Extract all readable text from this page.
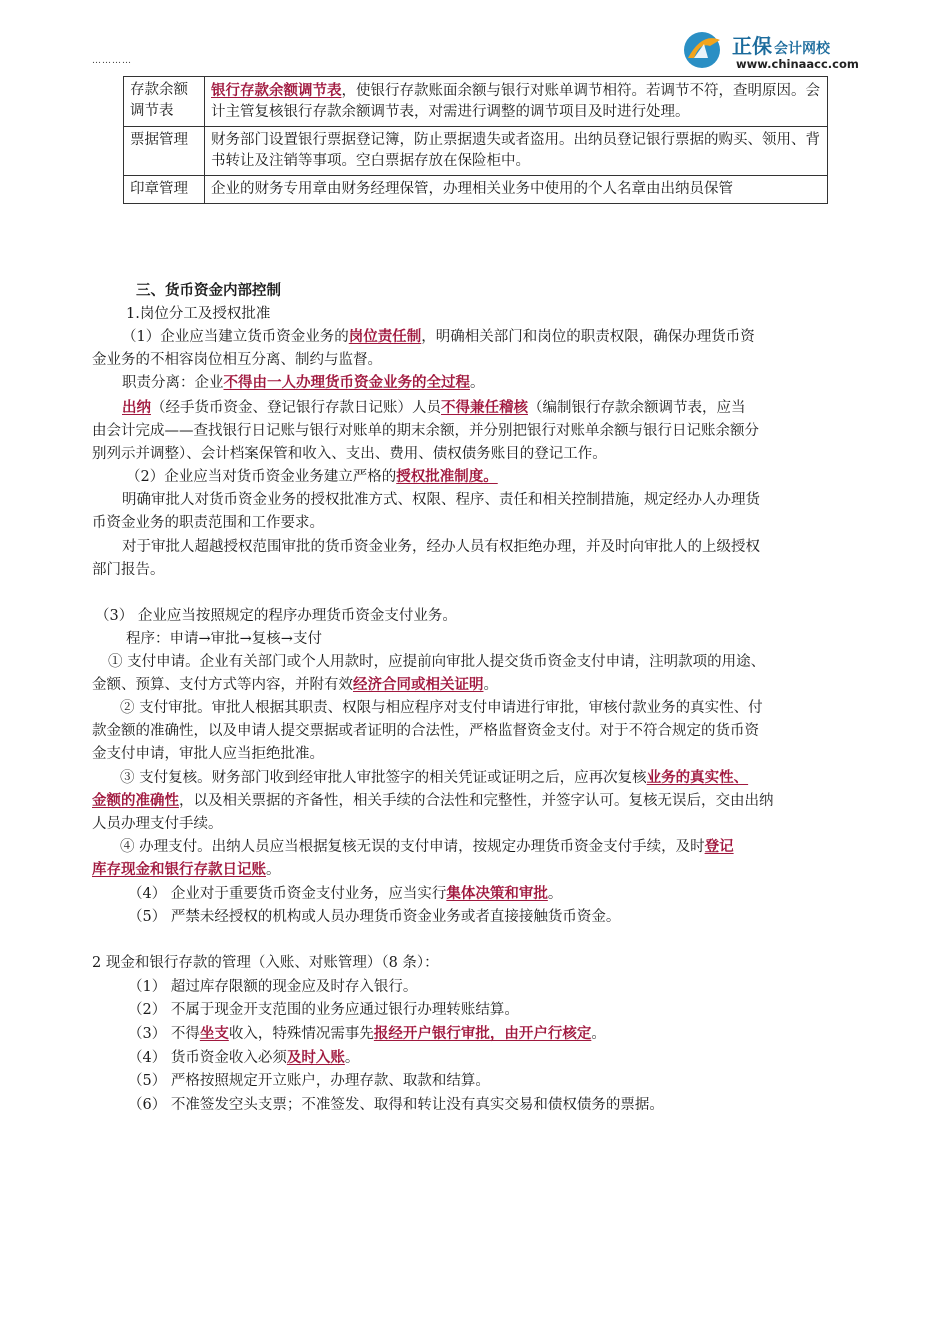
…………
正保 会计网校
www.chinaacc.com
存款余额调节表	银行存款余额调节表，使银行存款账面余额与银行对账单调节相符。若调节不符，查明原因。会计主管复核银行存款余额调节表，对需进行调整的调节项目及时进行处理。
票据管理	财务部门设置银行票据登记簿，防止票据遗失或者盗用。出纳员登记银行票据的购买、领用、背书转让及注销等事项。空白票据存放在保险柜中。
印章管理	企业的财务专用章由财务经理保管，办理相关业务中使用的个人名章由出纳员保管
三、货币资金内部控制
1.岗位分工及授权批准
（1）企业应当建立货币资金业务的岗位责任制，明确相关部门和岗位的职责权限，确保办理货币资
金业务的不相容岗位相互分离、制约与监督。
职责分离：企业不得由一人办理货币资金业务的全过程。
出纳（经手货币资金、登记银行存款日记账）人员不得兼任稽核（编制银行存款余额调节表，应当
由会计完成——查找银行日记账与银行对账单的期末余额，并分别把银行对账单余额与银行日记账余额分
别列示并调整）、会计档案保管和收入、支出、费用、债权债务账目的登记工作。
（2）企业应当对货币资金业务建立严格的授权批准制度。
明确审批人对货币资金业务的授权批准方式、权限、程序、责任和相关控制措施，规定经办人办理货
币资金业务的职责范围和工作要求。
对于审批人超越授权范围审批的货币资金业务，经办人员有权拒绝办理，并及时向审批人的上级授权
部门报告。
（3） 企业应当按照规定的程序办理货币资金支付业务。
程序：申请→审批→复核→支付
① 支付申请。企业有关部门或个人用款时，应提前向审批人提交货币资金支付申请，注明款项的用途、
金额、预算、支付方式等内容，并附有效经济合同或相关证明。
② 支付审批。审批人根据其职责、权限与相应程序对支付申请进行审批，审核付款业务的真实性、付
款金额的准确性，以及申请人提交票据或者证明的合法性，严格监督资金支付。对于不符合规定的货币资
金支付申请，审批人应当拒绝批准。
③ 支付复核。财务部门收到经审批人审批签字的相关凭证或证明之后，应再次复核业务的真实性、
金额的准确性，以及相关票据的齐备性，相关手续的合法性和完整性，并签字认可。复核无误后，交由出纳
人员办理支付手续。
④ 办理支付。出纳人员应当根据复核无误的支付申请，按规定办理货币资金支付手续，及时登记
库存现金和银行存款日记账。
（4） 企业对于重要货币资金支付业务，应当实行集体决策和审批。
（5） 严禁未经授权的机构或人员办理货币资金业务或者直接接触货币资金。
2 现金和银行存款的管理（入账、对账管理）（8 条）：
（1） 超过库存限额的现金应及时存入银行。
（2） 不属于现金开支范围的业务应通过银行办理转账结算。
（3） 不得坐支收入，特殊情况需事先报经开户银行审批，由开户行核定。
（4） 货币资金收入必须及时入账。
（5） 严格按照规定开立账户，办理存款、取款和结算。
（6） 不准签发空头支票；不准签发、取得和转让没有真实交易和债权债务的票据。
